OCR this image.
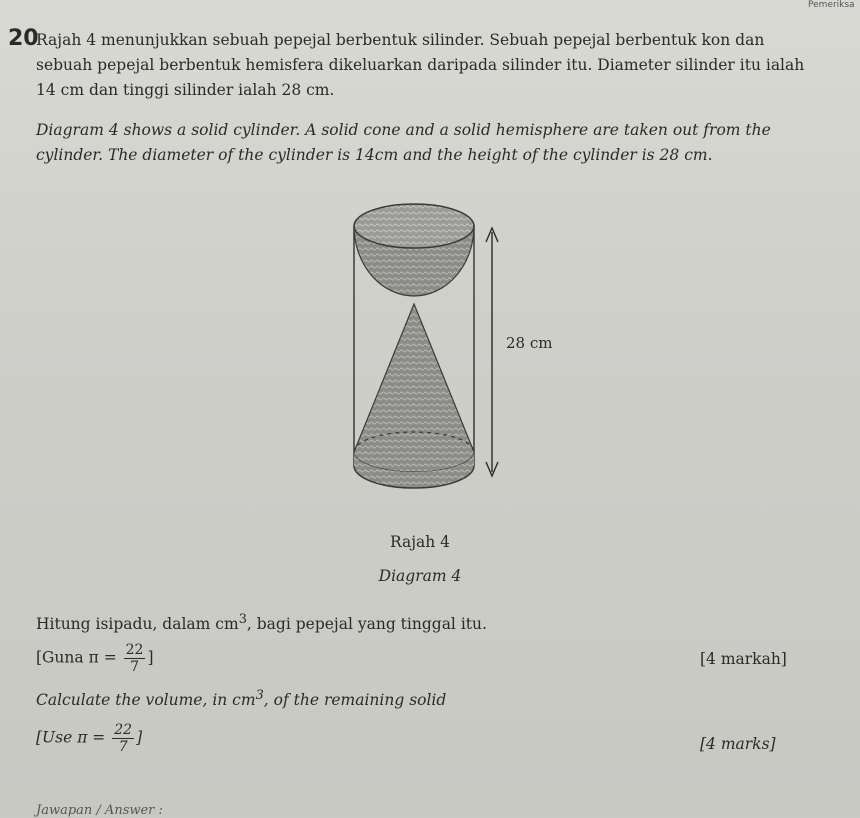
Pemeriksa
20
Rajah 4 menunjukkan sebuah pepejal berbentuk silinder. Sebuah pepejal berbentuk kon dan sebuah pepejal berbentuk hemisfera dikeluarkan daripada silinder itu. Diameter silinder itu ialah 14 cm dan tinggi silinder ialah 28 cm.
Diagram 4 shows a solid cylinder. A solid cone and a solid hemisphere are taken out from the cylinder. The diameter of the cylinder is 14cm and the height of the cylinder is 28 cm.
28 cm
Rajah 4
Diagram 4
Hitung isipadu, dalam $cm^3$, bagi pepejal yang tinggal itu.
[Guna $\pi = \frac{22}{7}$ ]	[4 markah]
Calculate the volume, in $cm^3$, of the remaining solid
[Use $\pi = \frac{22}{7}$ ]	[4 marks]
Jawapan / Answer :
